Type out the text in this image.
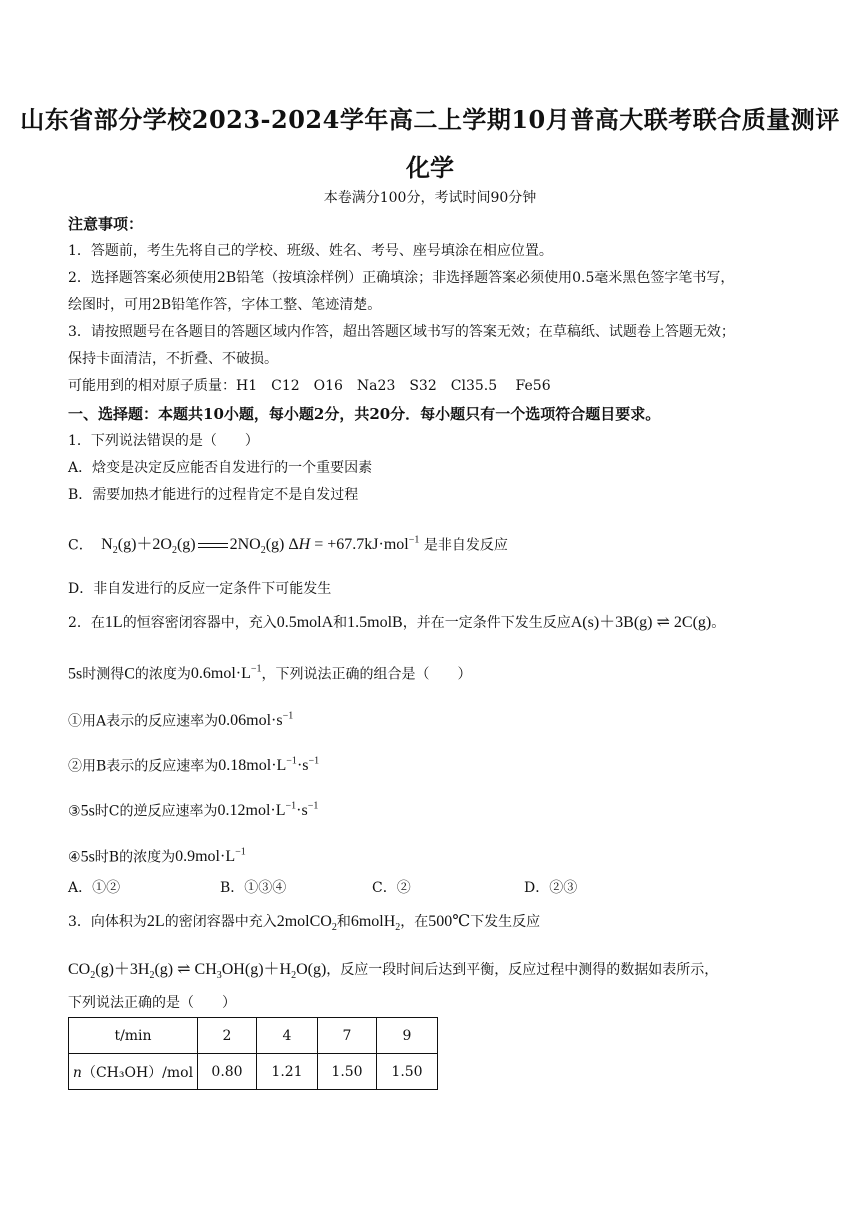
山东省部分学校2023-2024学年高二上学期10月普高大联考联合质量测评
化学
本卷满分100分，考试时间90分钟
注意事项：
1．答题前，考生先将自己的学校、班级、姓名、考号、座号填涂在相应位置。
2．选择题答案必须使用2B铅笔（按填涂样例）正确填涂；非选择题答案必须使用0.5毫米黑色签字笔书写，
绘图时，可用2B铅笔作答，字体工整、笔迹清楚。
3．请按照题号在各题目的答题区域内作答，超出答题区域书写的答案无效；在草稿纸、试题卷上答题无效；
保持卡面清洁，不折叠、不破损。
可能用到的相对原子质量：H1　C12　O16　Na23　S32　Cl35.5　 Fe56
一、选择题：本题共10小题，每小题2分，共20分．每小题只有一个选项符合题目要求。
1．下列说法错误的是（　　）
A．焓变是决定反应能否自发进行的一个重要因素
B．需要加热才能进行的过程肯定不是自发过程
C．  $N_2(g)+2O_2(g)$ $2NO_2(g) \Delta H = +67.7kJ\cdot mol^{-1}$ 是非自发反应
D．非自发进行的反应一定条件下可能发生
2．在1L的恒容密闭容器中，充入0.5molA和1.5molB，并在一定条件下发生反应A(s)＋3B(g) ⇌ 2C(g)。
5s时测得C的浓度为$0.6mol\cdot L^{-1}$，下列说法正确的组合是（　　）
①用A表示的反应速率为$0.06mol\cdot s^{-1}$
②用B表示的反应速率为$0.18mol\cdot L^{-1}\cdot s^{-1}$
③5s时C的逆反应速率为$0.12mol\cdot L^{-1}\cdot s^{-1}$
④5s时B的浓度为$0.9mol\cdot L^{-1}$
A．①②	B．①③④	C．②	D．②③
3．向体积为2L的密闭容器中充入2molCO$_2$和6molH$_2$，在500℃下发生反应
$CO_2(g)+3H_2(g)$ ⇌ $CH_3OH(g)+H_2O(g)$，反应一段时间后达到平衡，反应过程中测得的数据如表所示，
下列说法正确的是（　　）
t/min	2	4	7	9
n（CH₃OH）/mol	0.80	1.21	1.50	1.50
